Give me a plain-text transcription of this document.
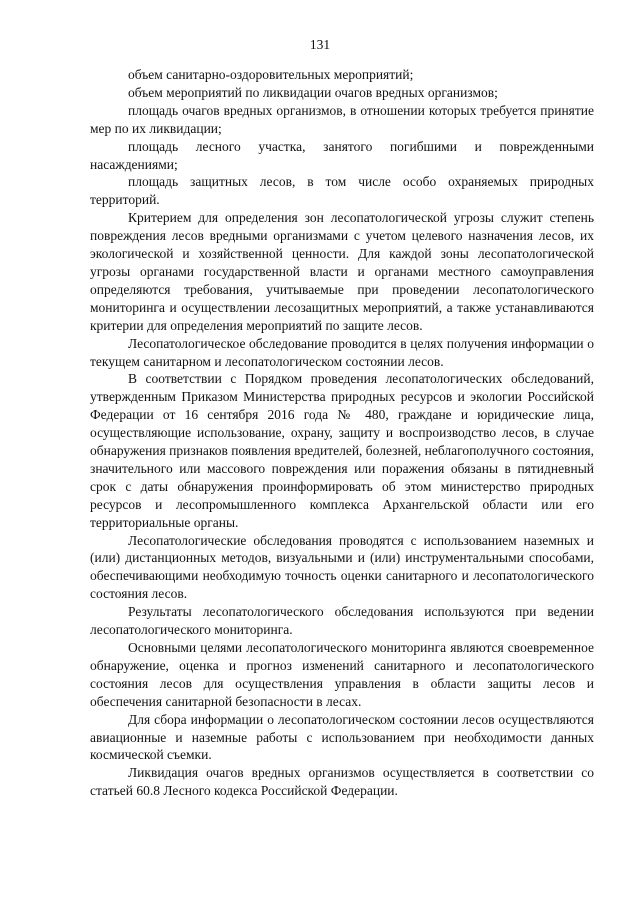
131

объем санитарно-оздоровительных мероприятий;

объем мероприятий по ликвидации очагов вредных организмов;

площадь очагов вредных организмов, в отношении которых требуется принятие мер по их ликвидации;

площадь лесного участка, занятого погибшими и поврежденными насаждениями;

площадь защитных лесов, в том числе особо охраняемых природных территорий.

Критерием для определения зон лесопатологической угрозы служит степень повреждения лесов вредными организмами с учетом целевого назначения лесов, их экологической и хозяйственной ценности. Для каждой зоны лесопатологической угрозы органами государственной власти и органами местного самоуправления определяются требования, учитываемые при проведении лесопатологического мониторинга и осуществлении лесозащитных мероприятий, а также устанавливаются критерии для определения мероприятий по защите лесов.

Лесопатологическое обследование проводится в целях получения информации о текущем санитарном и лесопатологическом состоянии лесов.

В соответствии с Порядком проведения лесопатологических обследований, утвержденным Приказом Министерства природных ресурсов и экологии Российской Федерации от 16 сентября 2016 года № 480, граждане и юридические лица, осуществляющие использование, охрану, защиту и воспроизводство лесов, в случае обнаружения признаков появления вредителей, болезней, неблагополучного состояния, значительного или массового повреждения или поражения обязаны в пятидневный срок с даты обнаружения проинформировать об этом министерство природных ресурсов и лесопромышленного комплекса Архангельской области или его территориальные органы.

Лесопатологические обследования проводятся с использованием наземных и (или) дистанционных методов, визуальными и (или) инструментальными способами, обеспечивающими необходимую точность оценки санитарного и лесопатологического состояния лесов.

Результаты лесопатологического обследования используются при ведении лесопатологического мониторинга.

Основными целями лесопатологического мониторинга являются своевременное обнаружение, оценка и прогноз изменений санитарного и лесопатологического состояния лесов для осуществления управления в области защиты лесов и обеспечения санитарной безопасности в лесах.

Для сбора информации о лесопатологическом состоянии лесов осуществляются авиационные и наземные работы с использованием при необходимости данных космической съемки.

Ликвидация очагов вредных организмов осуществляется в соответствии со статьей 60.8 Лесного кодекса Российской Федерации.
